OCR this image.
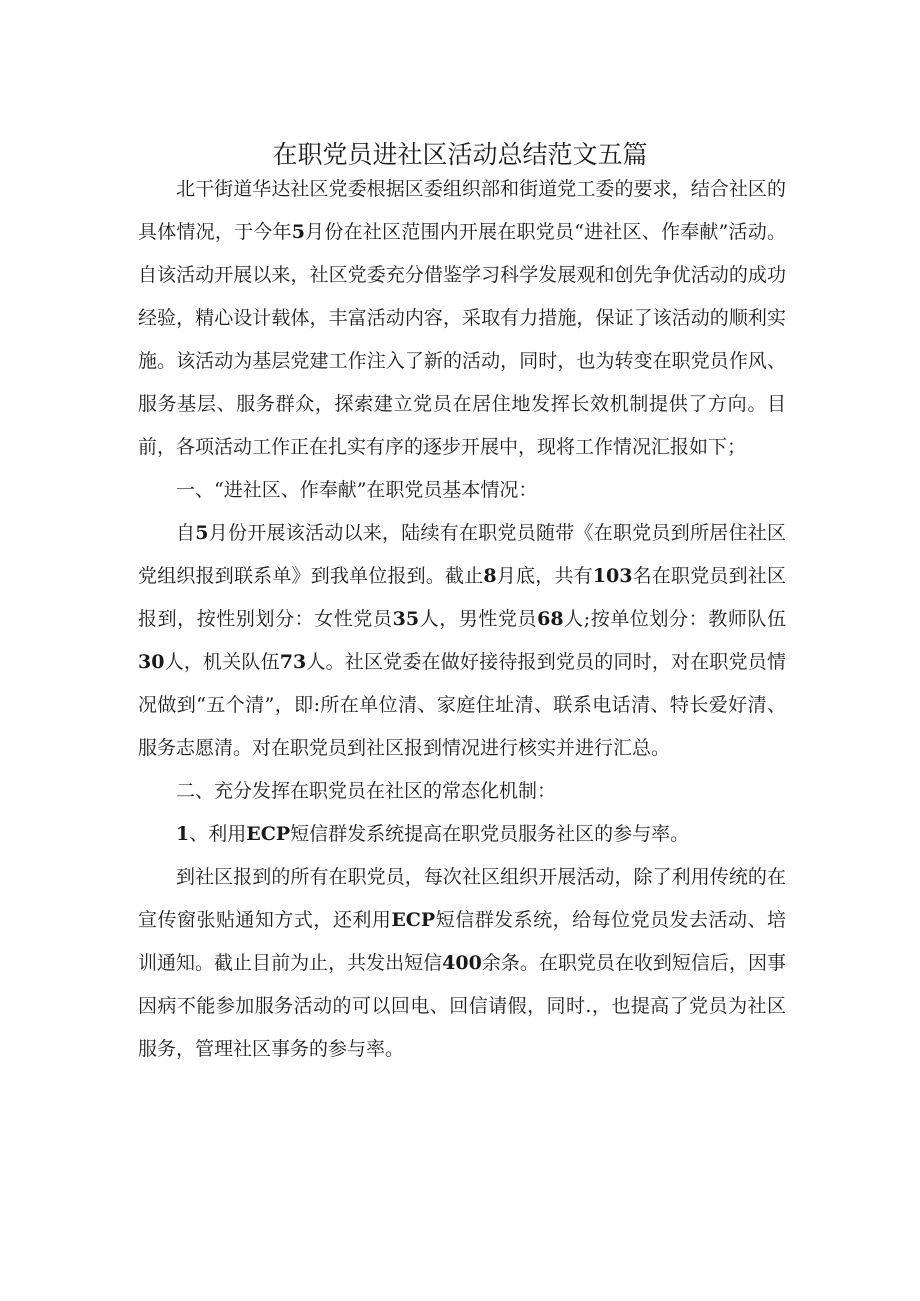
在职党员进社区活动总结范文五篇

北干街道华达社区党委根据区委组织部和街道党工委的要求，结合社区的具体情况，于今年5月份在社区范围内开展在职党员“进社区、作奉献”活动。自该活动开展以来，社区党委充分借鉴学习科学发展观和创先争优活动的成功经验，精心设计载体，丰富活动内容，采取有力措施，保证了该活动的顺利实施。该活动为基层党建工作注入了新的活动，同时，也为转变在职党员作风、服务基层、服务群众，探索建立党员在居住地发挥长效机制提供了方向。目前，各项活动工作正在扎实有序的逐步开展中，现将工作情况汇报如下；

一、“进社区、作奉献”在职党员基本情况：

自5月份开展该活动以来，陆续有在职党员随带《在职党员到所居住社区党组织报到联系单》到我单位报到。截止8月底，共有103名在职党员到社区报到，按性别划分：女性党员35人，男性党员68人;按单位划分：教师队伍30人，机关队伍73人。社区党委在做好接待报到党员的同时，对在职党员情况做到“五个清”，即:所在单位清、家庭住址清、联系电话清、特长爱好清、服务志愿清。对在职党员到社区报到情况进行核实并进行汇总。

二、充分发挥在职党员在社区的常态化机制：

1、利用ECP短信群发系统提高在职党员服务社区的参与率。

到社区报到的所有在职党员，每次社区组织开展活动，除了利用传统的在宣传窗张贴通知方式，还利用ECP短信群发系统，给每位党员发去活动、培训通知。截止目前为止，共发出短信400余条。在职党员在收到短信后，因事因病不能参加服务活动的可以回电、回信请假，同时.，也提高了党员为社区服务，管理社区事务的参与率。
